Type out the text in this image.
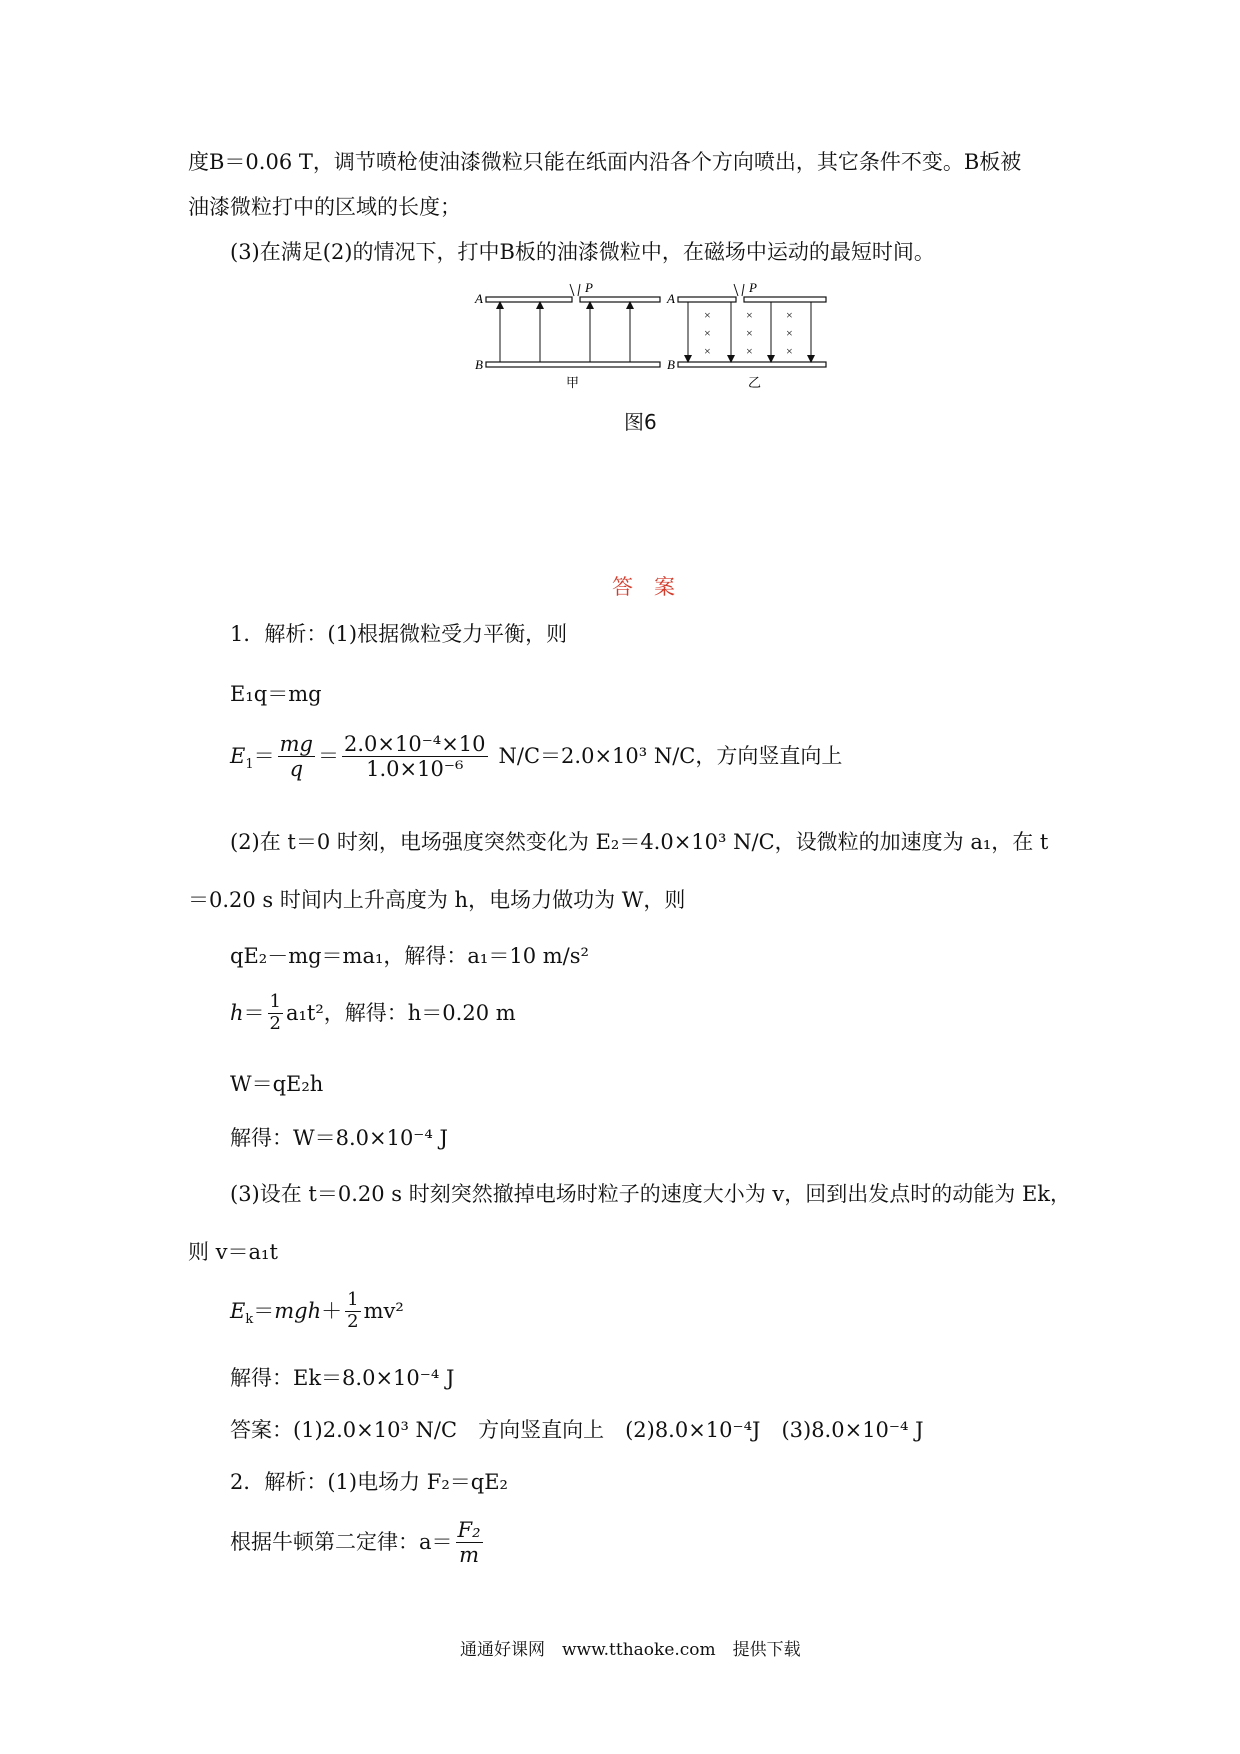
度B＝0.06 T，调节喷枪使油漆微粒只能在纸面内沿各个方向喷出，其它条件不变。B板被
油漆微粒打中的区域的长度；
(3)在满足(2)的情况下，打中B板的油漆微粒中，在磁场中运动的最短时间。
A
P
B
甲
A
P
B
×	×	×
×	×	×
×	×	×
乙
图6
答　案
1．解析：(1)根据微粒受力平衡，则
E₁q＝mg
$E_1= \frac{mg}{q} = \frac{\text{2.0×10⁻⁴×10}}{\text{1.0×10⁻⁶}} N/C=2.0\times 10^3$ N/C，方向竖直向上
(2)在 t＝0 时刻，电场强度突然变化为 E₂＝4.0×10³ N/C，设微粒的加速度为 a₁，在 t
＝0.20 s 时间内上升高度为 h，电场力做功为 W，则
qE₂－mg＝ma₁，解得：a₁＝10 m/s²
$h= \frac{1}{2} a_1t^2$，解得：h＝0.20 m
W＝qE₂h
解得：W＝8.0×10⁻⁴ J
(3)设在 t＝0.20 s 时刻突然撤掉电场时粒子的速度大小为 v，回到出发点时的动能为 Ek，
则 v＝a₁t
$E_k=mgh+ \frac{1}{2} mv^2$
解得：Ek＝8.0×10⁻⁴ J
答案：(1)2.0×10³ N/C　方向竖直向上　(2)8.0×10⁻⁴J　(3)8.0×10⁻⁴ J
2．解析：(1)电场力 F₂＝qE₂
根据牛顿第二定律：$a= \frac{\text{F₂}}{m}$
通通好课网　www.tthaoke.com　提供下载
